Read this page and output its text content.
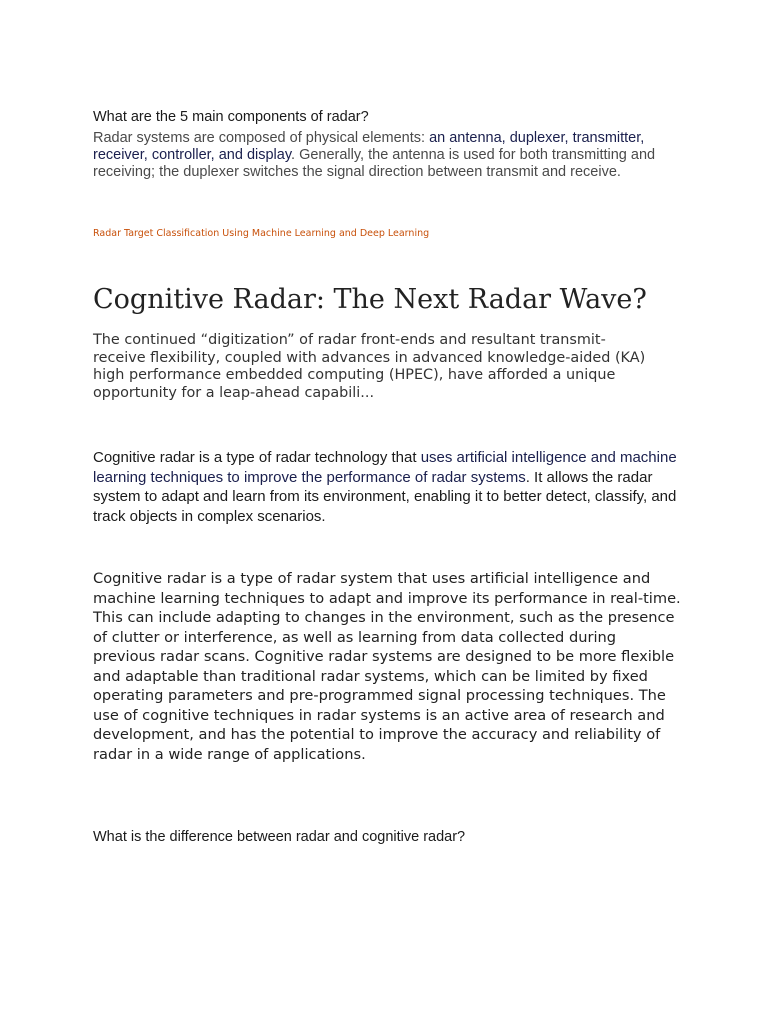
What are the 5 main components of radar?
Radar systems are composed of physical elements: an antenna, duplexer, transmitter, receiver, controller, and display. Generally, the antenna is used for both transmitting and receiving; the duplexer switches the signal direction between transmit and receive.
Radar Target Classification Using Machine Learning and Deep Learning
Cognitive Radar: The Next Radar Wave?
The continued “digitization” of radar front-ends and resultant transmit-receive flexibility, coupled with advances in advanced knowledge-aided (KA) high performance embedded computing (HPEC), have afforded a unique opportunity for a leap-ahead capabili...
Cognitive radar is a type of radar technology that uses artificial intelligence and machine learning techniques to improve the performance of radar systems. It allows the radar system to adapt and learn from its environment, enabling it to better detect, classify, and track objects in complex scenarios.
Cognitive radar is a type of radar system that uses artificial intelligence and machine learning techniques to adapt and improve its performance in real-time. This can include adapting to changes in the environment, such as the presence of clutter or interference, as well as learning from data collected during previous radar scans. Cognitive radar systems are designed to be more flexible and adaptable than traditional radar systems, which can be limited by fixed operating parameters and pre-programmed signal processing techniques. The use of cognitive techniques in radar systems is an active area of research and development, and has the potential to improve the accuracy and reliability of radar in a wide range of applications.
What is the difference between radar and cognitive radar?
